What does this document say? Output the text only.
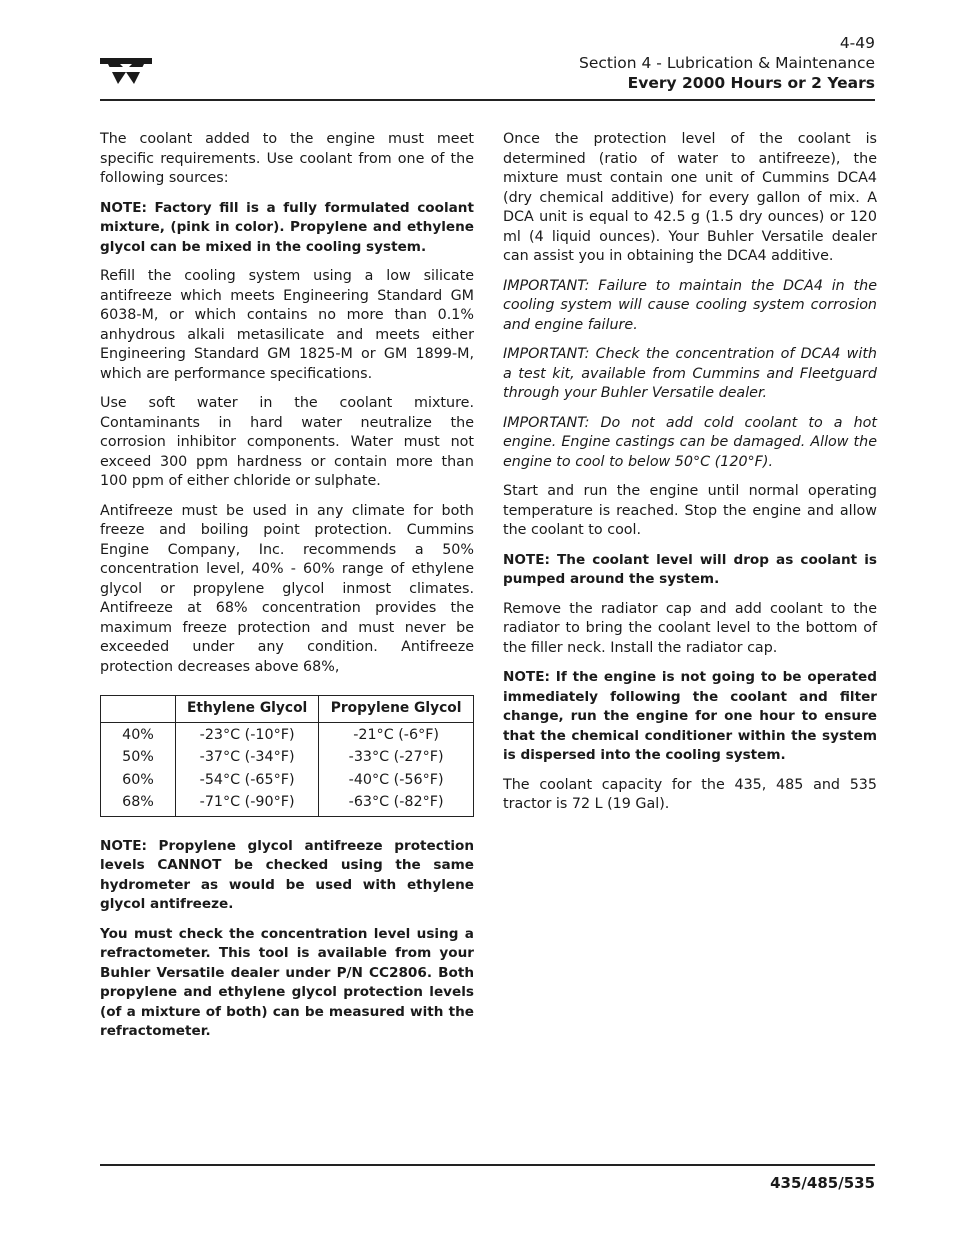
4-49
Section 4 - Lubrication & Maintenance
Every 2000 Hours or 2 Years

The coolant added to the engine must meet specific requirements. Use coolant from one of the following sources:

NOTE: Factory fill is a fully formulated coolant mixture, (pink in color). Propylene and ethylene glycol can be mixed in the cooling system.

Refill the cooling system using a low silicate antifreeze which meets Engineering Standard GM 6038-M, or which contains no more than 0.1% anhydrous alkali metasilicate and meets either Engineering Standard GM 1825-M or GM 1899-M, which are performance specifications.

Use soft water in the coolant mixture. Contaminants in hard water neutralize the corrosion inhibitor components. Water must not exceed 300 ppm hardness or contain more than 100 ppm of either chloride or sulphate.

Antifreeze must be used in any climate for both freeze and boiling point protection. Cummins Engine Company, Inc. recommends a 50% concentration level, 40% - 60% range of ethylene glycol or propylene glycol inmost climates. Antifreeze at 68% concentration provides the maximum freeze protection and must never be exceeded under any condition. Antifreeze protection decreases above 68%,

	Ethylene Glycol	Propylene Glycol
40%	-23°C (-10°F)	-21°C (-6°F)
50%	-37°C (-34°F)	-33°C (-27°F)
60%	-54°C (-65°F)	-40°C (-56°F)
68%	-71°C (-90°F)	-63°C (-82°F)

NOTE: Propylene glycol antifreeze protection levels CANNOT be checked using the same hydrometer as would be used with ethylene glycol antifreeze.

You must check the concentration level using a refractometer. This tool is available from your Buhler Versatile dealer under P/N CC2806. Both propylene and ethylene glycol protection levels (of a mixture of both) can be measured with the refractometer.

Once the protection level of the coolant is determined (ratio of water to antifreeze), the mixture must contain one unit of Cummins DCA4 (dry chemical additive) for every gallon of mix. A DCA unit is equal to 42.5 g (1.5 dry ounces) or 120 ml (4 liquid ounces). Your Buhler Versatile dealer can assist you in obtaining the DCA4 additive.

IMPORTANT: Failure to maintain the DCA4 in the cooling system will cause cooling system corrosion and engine failure.

IMPORTANT: Check the concentration of DCA4 with a test kit, available from Cummins and Fleetguard through your Buhler Versatile dealer.

IMPORTANT: Do not add cold coolant to a hot engine. Engine castings can be damaged. Allow the engine to cool to below 50°C (120°F).

Start and run the engine until normal operating temperature is reached. Stop the engine and allow the coolant to cool.

NOTE: The coolant level will drop as coolant is pumped around the system.

Remove the radiator cap and add coolant to the radiator to bring the coolant level to the bottom of the filler neck. Install the radiator cap.

NOTE: If the engine is not going to be operated immediately following the coolant and filter change, run the engine for one hour to ensure that the chemical conditioner within the system is dispersed into the cooling system.

The coolant capacity for the 435, 485 and 535 tractor is 72 L (19 Gal).

435/485/535
